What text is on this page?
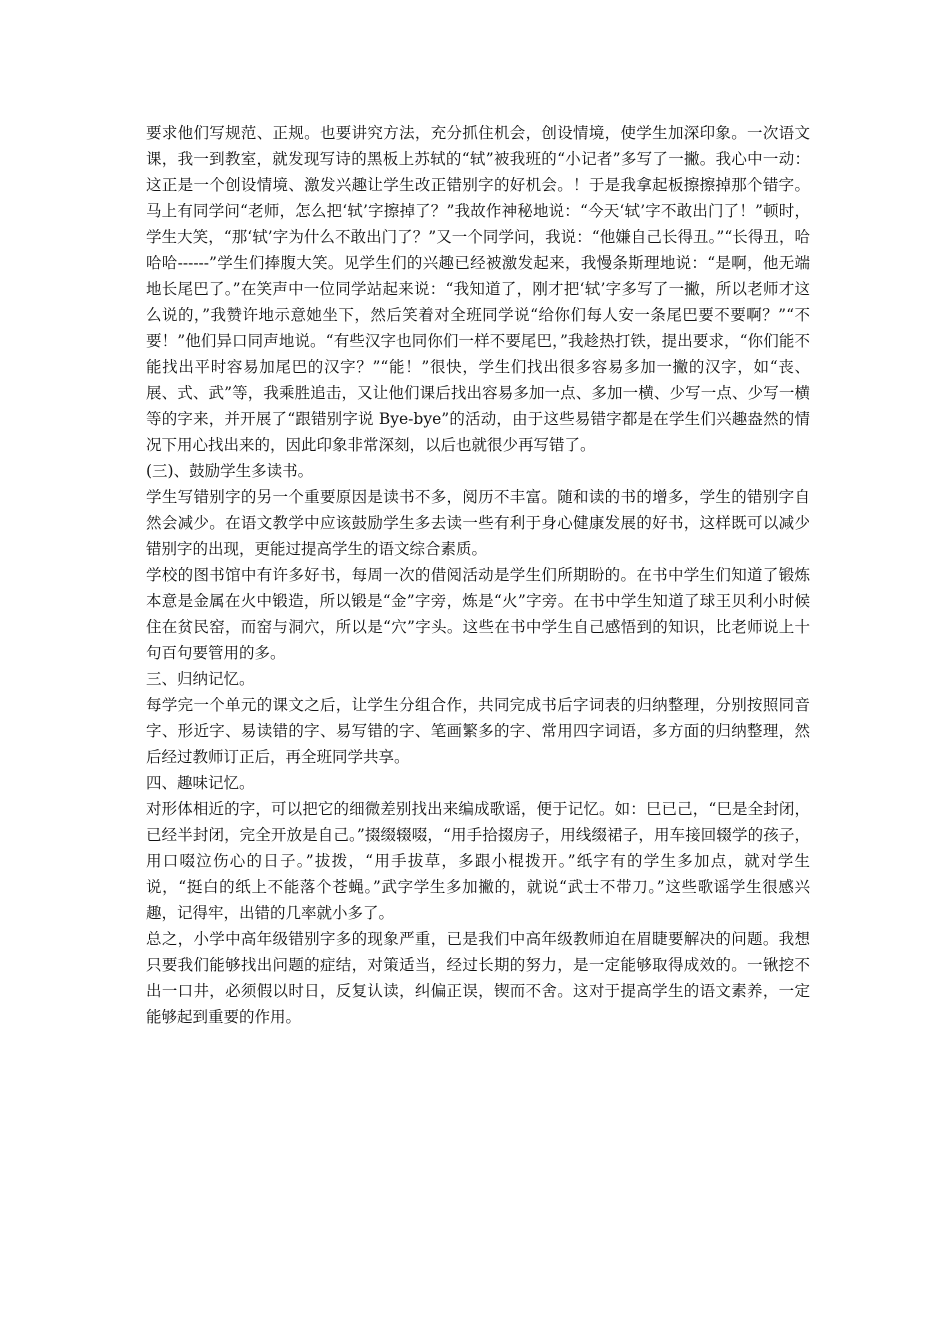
要求他们写规范、正规。也要讲究方法，充分抓住机会，创设情境，使学生加深印象。一次语文课，我一到教室，就发现写诗的黑板上苏轼的“轼”被我班的“小记者”多写了一撇。我心中一动：这正是一个创设情境、激发兴趣让学生改正错别字的好机会。！于是我拿起板擦擦掉那个错字。马上有同学问“老师，怎么把‘轼’字擦掉了？”我故作神秘地说：“今天‘轼’字不敢出门了！”顿时，学生大笑，“那‘轼’字为什么不敢出门了？”又一个同学问，我说：“他嫌自己长得丑。”“长得丑，哈哈哈------”学生们捧腹大笑。见学生们的兴趣已经被激发起来，我慢条斯理地说：“是啊，他无端地长尾巴了。”在笑声中一位同学站起来说：“我知道了，刚才把‘轼’字多写了一撇，所以老师才这么说的，”我赞许地示意她坐下，然后笑着对全班同学说“给你们每人安一条尾巴要不要啊？”“不要！”他们异口同声地说。“有些汉字也同你们一样不要尾巴，”我趁热打铁，提出要求，“你们能不能找出平时容易加尾巴的汉字？”“能！”很快，学生们找出很多容易多加一撇的汉字，如“丧、展、式、武”等，我乘胜追击，又让他们课后找出容易多加一点、多加一横、少写一点、少写一横等的字来，并开展了“跟错别字说 Bye-bye”的活动，由于这些易错字都是在学生们兴趣盎然的情况下用心找出来的，因此印象非常深刻，以后也就很少再写错了。

(三)、鼓励学生多读书。

学生写错别字的另一个重要原因是读书不多，阅历不丰富。随和读的书的增多，学生的错别字自然会减少。在语文教学中应该鼓励学生多去读一些有利于身心健康发展的好书，这样既可以减少错别字的出现，更能过提高学生的语文综合素质。

学校的图书馆中有许多好书，每周一次的借阅活动是学生们所期盼的。在书中学生们知道了锻炼本意是金属在火中锻造，所以锻是“金”字旁，炼是“火”字旁。在书中学生知道了球王贝利小时候住在贫民窑，而窑与洞穴，所以是“穴”字头。这些在书中学生自己感悟到的知识，比老师说上十句百句要管用的多。

三、归纳记忆。

每学完一个单元的课文之后，让学生分组合作，共同完成书后字词表的归纳整理，分别按照同音字、形近字、易读错的字、易写错的字、笔画繁多的字、常用四字词语，多方面的归纳整理，然后经过教师订正后，再全班同学共享。

四、趣味记忆。

对形体相近的字，可以把它的细微差别找出来编成歌谣，便于记忆。如：巳已己，“巳是全封闭，已经半封闭，完全开放是自己。”掇缀辍啜，“用手拾掇房子，用线缀裙子，用车接回辍学的孩子，用口啜泣伤心的日子。”拔拨，“用手拔草，多跟小棍拨开。”纸字有的学生多加点，就对学生说，“挺白的纸上不能落个苍蝇。”武字学生多加撇的，就说“武士不带刀。”这些歌谣学生很感兴趣，记得牢，出错的几率就小多了。

总之，小学中高年级错别字多的现象严重，已是我们中高年级教师迫在眉睫要解决的问题。我想只要我们能够找出问题的症结，对策适当，经过长期的努力，是一定能够取得成效的。一锹挖不出一口井，必须假以时日，反复认读，纠偏正误，锲而不舍。这对于提高学生的语文素养，一定能够起到重要的作用。
